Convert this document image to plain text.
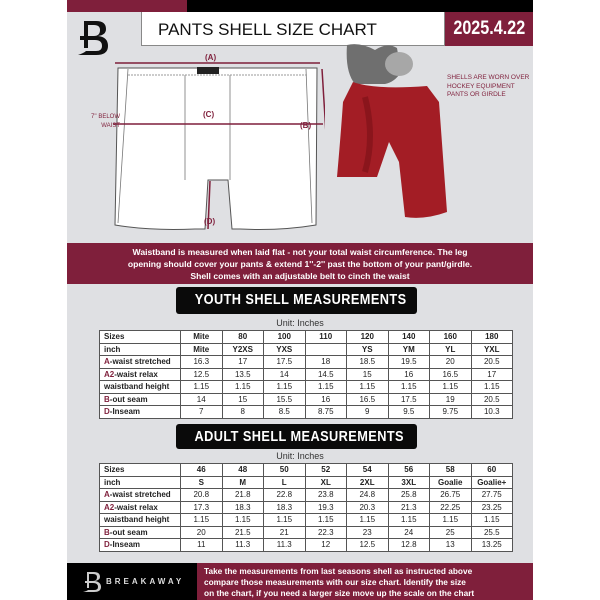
PANTS SHELL SIZE CHART	2025.4.22
(A)
(C)
(B)
(D)
7'' BELOW WAIST
SHELLS ARE WORN OVER HOCKEY EQUIPMENT PANTS OR GIRDLE
Waistband is measured when laid flat - not your total waist circumference. The leg
opening should cover your pants & extend 1''-2'' past the bottom of your pant/girdle.
Shell comes with an adjustable belt to cinch the waist
YOUTH SHELL MEASUREMENTS
Unit: Inches
Sizes	Mite	80	100	110	120	140	160	180
inch	Mite	Y2XS	YXS		YS	YM	YL	YXL
A-waist stretched	16.3	17	17.5	18	18.5	19.5	20	20.5
A2-waist relax	12.5	13.5	14	14.5	15	16	16.5	17
waistband height	1.15	1.15	1.15	1.15	1.15	1.15	1.15	1.15
B-out seam	14	15	15.5	16	16.5	17.5	19	20.5
D-Inseam	7	8	8.5	8.75	9	9.5	9.75	10.3
ADULT SHELL MEASUREMENTS
Unit: Inches
Sizes	46	48	50	52	54	56	58	60
inch	S	M	L	XL	2XL	3XL	Goalie	Goalie+
A-waist stretched	20.8	21.8	22.8	23.8	24.8	25.8	26.75	27.75
A2-waist relax	17.3	18.3	18.3	19.3	20.3	21.3	22.25	23.25
waistband height	1.15	1.15	1.15	1.15	1.15	1.15	1.15	1.15
B-out seam	20	21.5	21	22.3	23	24	25	25.5
D-Inseam	11	11.3	11.3	12	12.5	12.8	13	13.25
Take the measurements from last seasons shell as instructed above
compare those measurements with our size chart. Identify the size
on the chart, if you need a larger size move up the scale on the chart
BREAKAWAY
